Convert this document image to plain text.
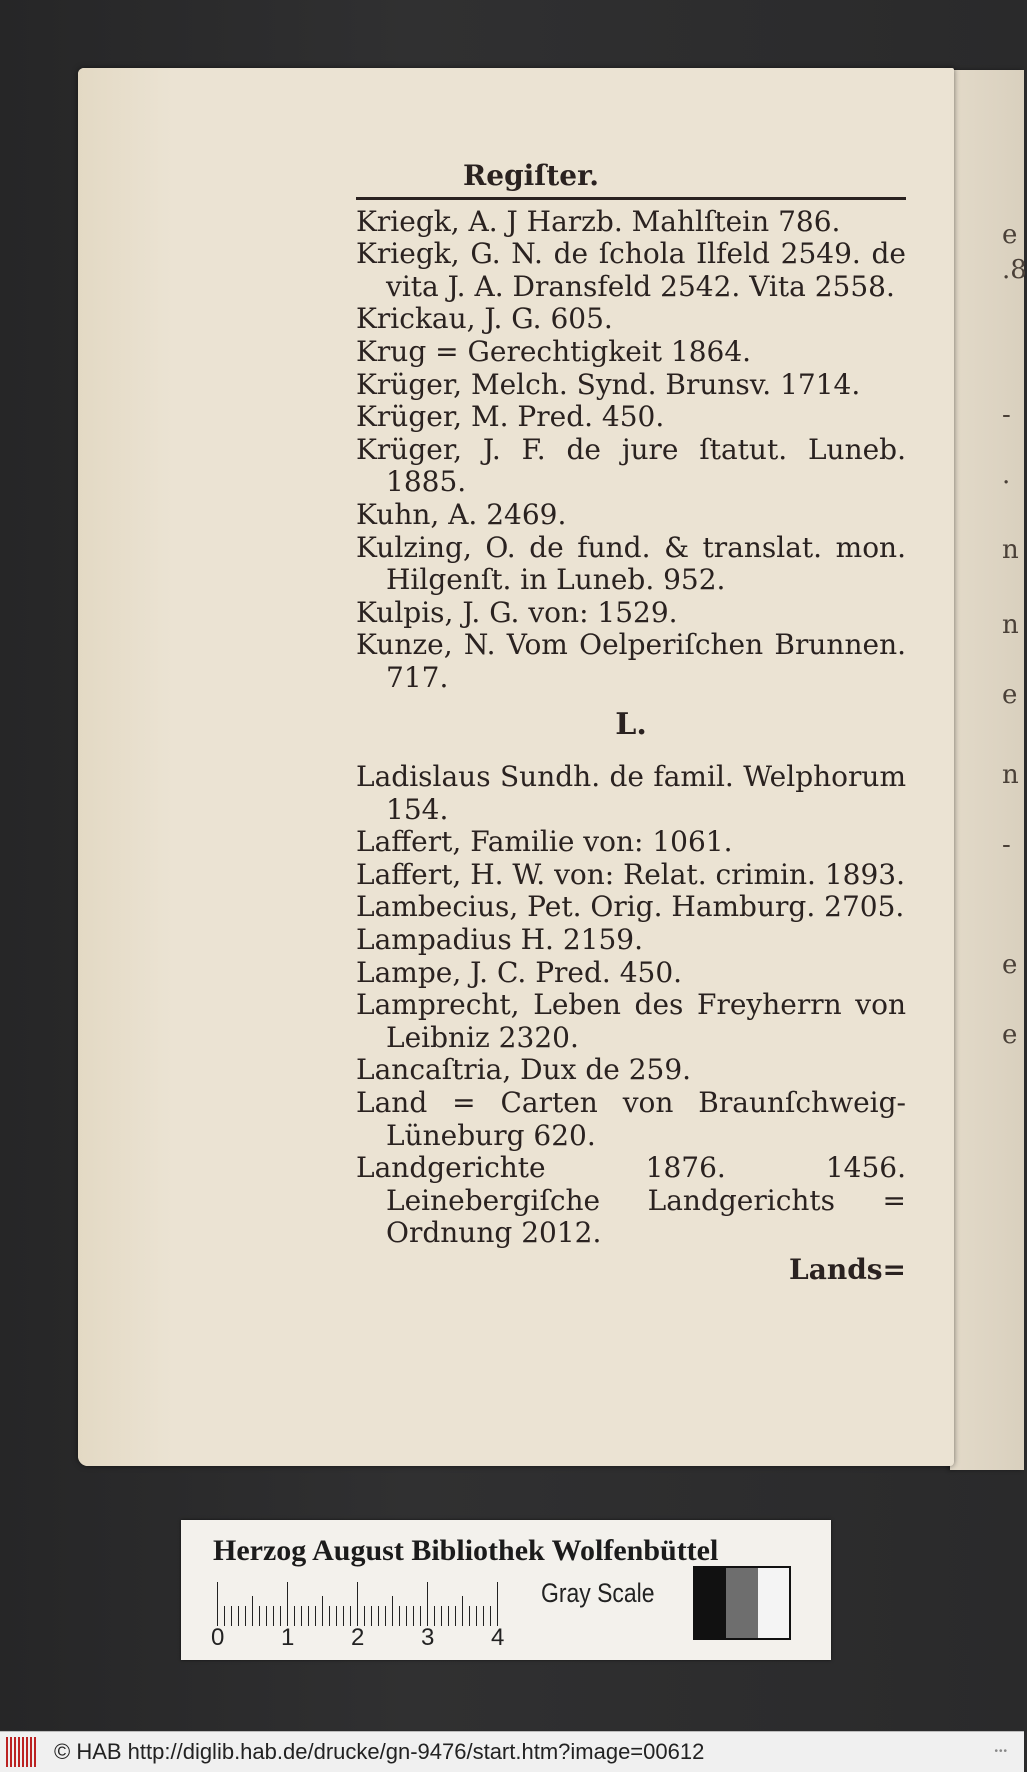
e
.8
-
.
n
n
e
n
-
e
e
Regiſter.
Kriegk, A. J Harzb. Mahlſtein 786.
Kriegk, G. N. de ſchola Ilfeld 2549. de vita J. A. Dransfeld 2542. Vita 2558.
Krickau, J. G. 605.
Krug = Gerechtigkeit 1864.
Krüger, Melch. Synd. Brunsv. 1714.
Krüger, M. Pred. 450.
Krüger, J. F. de jure ſtatut. Luneb. 1885.
Kuhn, A. 2469.
Kulzing, O. de fund. & translat. mon. Hilgenſt. in Luneb. 952.
Kulpis, J. G. von: 1529.
Kunze, N. Vom Oelperiſchen Brunnen. 717.
L.
Ladislaus Sundh. de famil. Welphorum 154.
Laffert, Familie von: 1061.
Laffert, H. W. von: Relat. crimin. 1893.
Lambecius, Pet. Orig. Hamburg. 2705.
Lampadius H. 2159.
Lampe, J. C. Pred. 450.
Lamprecht, Leben des Freyherrn von Leibniz 2320.
Lancaſtria, Dux de 259.
Land = Carten von Braunſchweig-Lüneburg 620.
Landgerichte 1876. 1456. Leinebergiſche Landgerichts = Ordnung 2012.
Lands=
Herzog August Bibliothek Wolfenbüttel
0 1 2 3 4
Gray Scale
© HAB http://diglib.hab.de/drucke/gn-9476/start.htm?image=00612	•••
